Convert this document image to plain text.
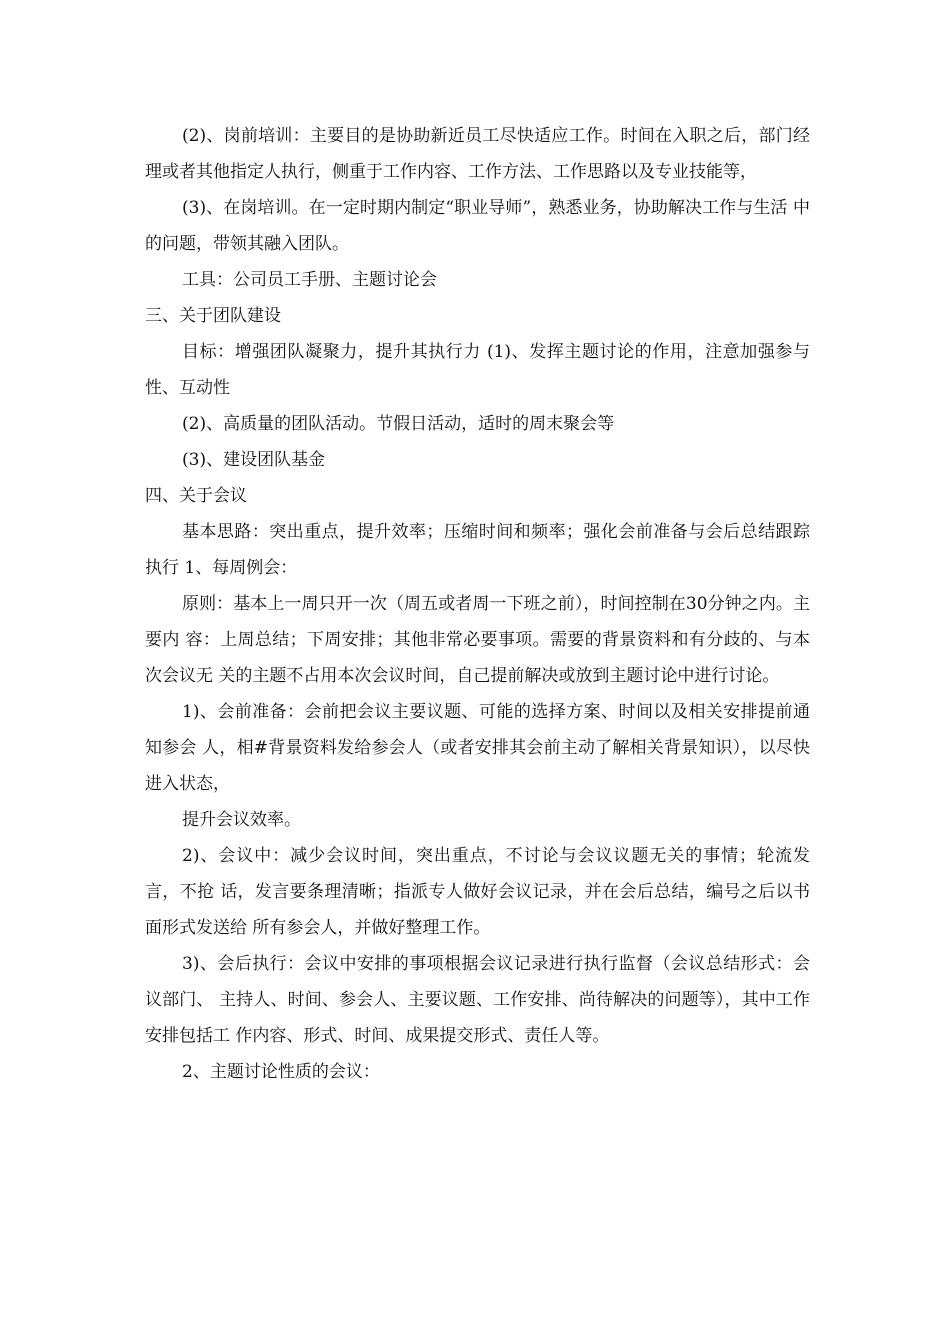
(2)、岗前培训：主要目的是协助新近员工尽快适应工作。时间在入职之后，部门经 理或者其他指定人执行，侧重于工作内容、工作方法、工作思路以及专业技能等，

(3)、在岗培训。在一定时期内制定“职业导师”，熟悉业务，协助解决工作与生活 中的问题，带领其融入团队。

工具：公司员工手册、主题讨论会

三、关于团队建设

目标：增强团队凝聚力，提升其执行力 (1)、发挥主题讨论的作用，注意加强参与性、互动性

(2)、高质量的团队活动。节假日活动，适时的周末聚会等

(3)、建设团队基金

四、关于会议

基本思路：突出重点，提升效率；压缩时间和频率；强化会前准备与会后总结跟踪执行 1、每周例会：

原则：基本上一周只开一次（周五或者周一下班之前），时间控制在30分钟之内。主要内 容：上周总结；下周安排；其他非常必要事项。需要的背景资料和有分歧的、与本次会议无 关的主题不占用本次会议时间，自己提前解决或放到主题讨论中进行讨论。

1)、会前准备：会前把会议主要议题、可能的选择方案、时间以及相关安排提前通知参会 人，相#背景资料发给参会人（或者安排其会前主动了解相关背景知识），以尽快进入状态，

提升会议效率。

2)、会议中：减少会议时间，突出重点，不讨论与会议议题无关的事情；轮流发言，不抢 话，发言要条理清晰；指派专人做好会议记录，并在会后总结，编号之后以书面形式发送给 所有参会人，并做好整理工作。

3)、会后执行：会议中安排的事项根据会议记录进行执行监督（会议总结形式：会议部门、 主持人、时间、参会人、主要议题、工作安排、尚待解决的问题等），其中工作安排包括工 作内容、形式、时间、成果提交形式、责任人等。

2、主题讨论性质的会议：
